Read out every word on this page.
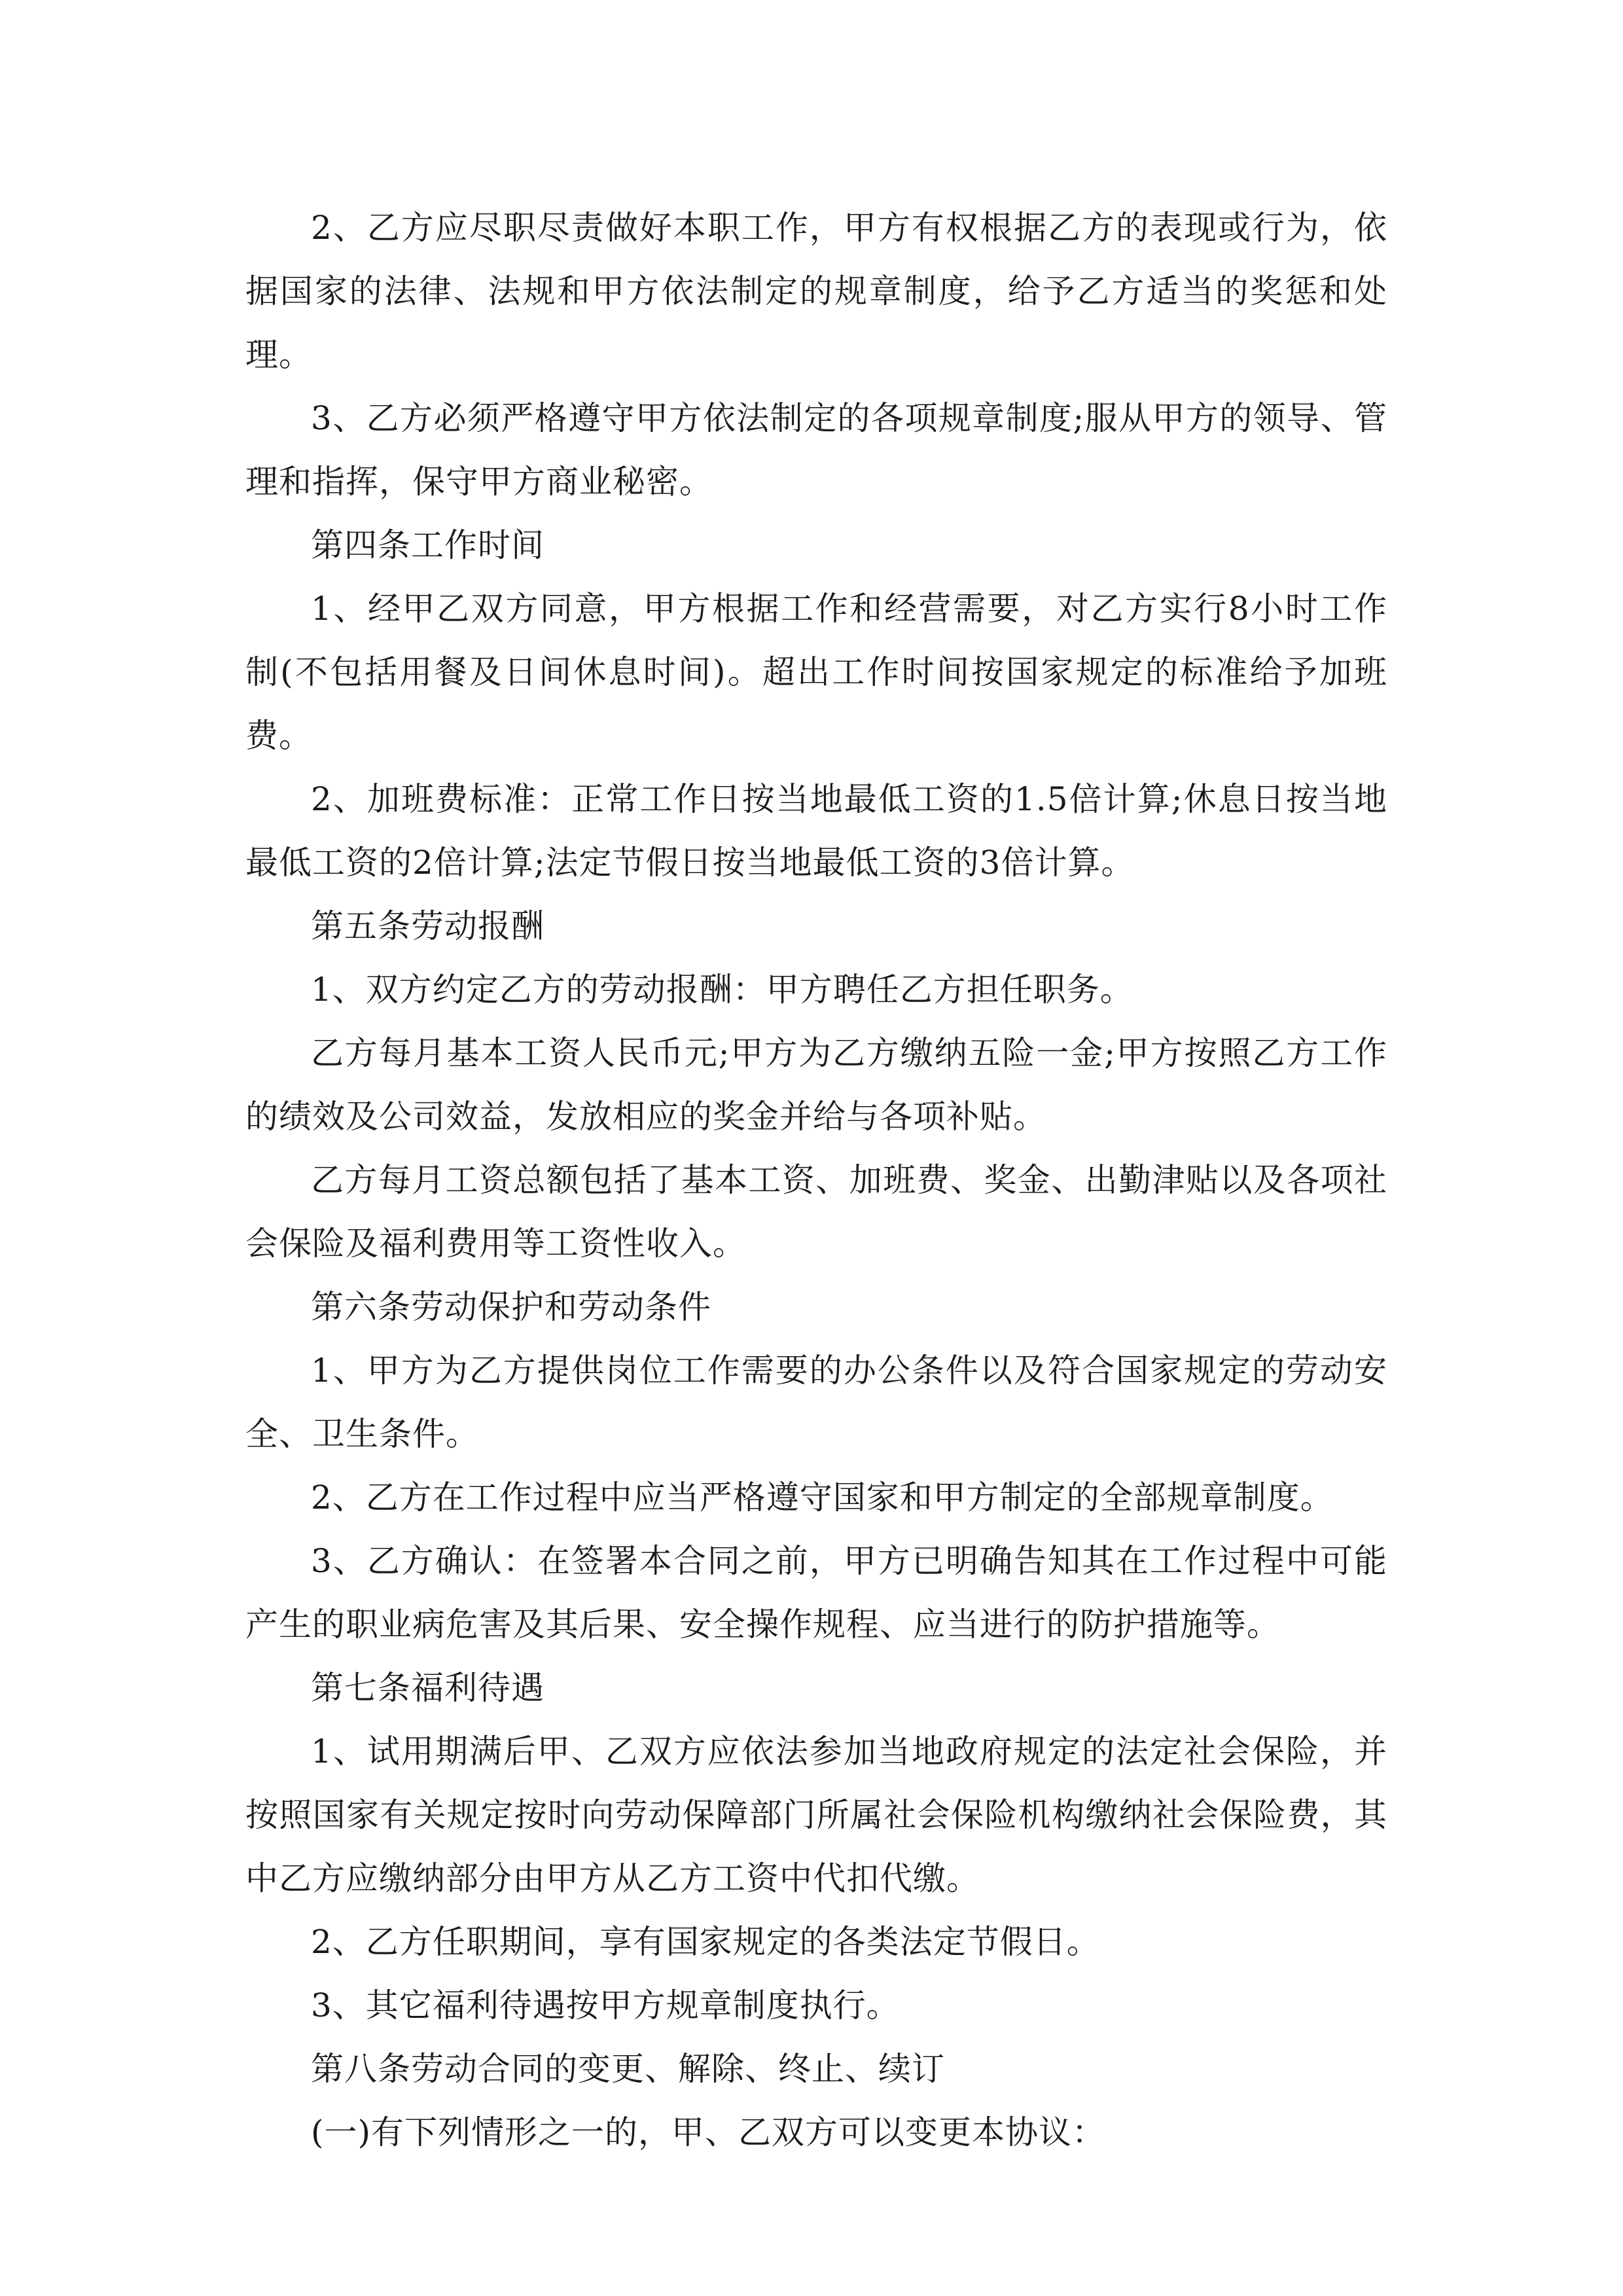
2、乙方应尽职尽责做好本职工作，甲方有权根据乙方的表现或行为，依据国家的法律、法规和甲方依法制定的规章制度，给予乙方适当的奖惩和处理。

3、乙方必须严格遵守甲方依法制定的各项规章制度;服从甲方的领导、管理和指挥，保守甲方商业秘密。

第四条工作时间

1、经甲乙双方同意，甲方根据工作和经营需要，对乙方实行8小时工作制(不包括用餐及日间休息时间)。超出工作时间按国家规定的标准给予加班费。

2、加班费标准：正常工作日按当地最低工资的1.5倍计算;休息日按当地最低工资的2倍计算;法定节假日按当地最低工资的3倍计算。

第五条劳动报酬

1、双方约定乙方的劳动报酬：甲方聘任乙方担任职务。

乙方每月基本工资人民币元;甲方为乙方缴纳五险一金;甲方按照乙方工作的绩效及公司效益，发放相应的奖金并给与各项补贴。

乙方每月工资总额包括了基本工资、加班费、奖金、出勤津贴以及各项社会保险及福利费用等工资性收入。

第六条劳动保护和劳动条件

1、甲方为乙方提供岗位工作需要的办公条件以及符合国家规定的劳动安全、卫生条件。

2、乙方在工作过程中应当严格遵守国家和甲方制定的全部规章制度。

3、乙方确认：在签署本合同之前，甲方已明确告知其在工作过程中可能产生的职业病危害及其后果、安全操作规程、应当进行的防护措施等。

第七条福利待遇

1、试用期满后甲、乙双方应依法参加当地政府规定的法定社会保险，并按照国家有关规定按时向劳动保障部门所属社会保险机构缴纳社会保险费，其中乙方应缴纳部分由甲方从乙方工资中代扣代缴。

2、乙方任职期间，享有国家规定的各类法定节假日。

3、其它福利待遇按甲方规章制度执行。

第八条劳动合同的变更、解除、终止、续订

(一)有下列情形之一的，甲、乙双方可以变更本协议：
